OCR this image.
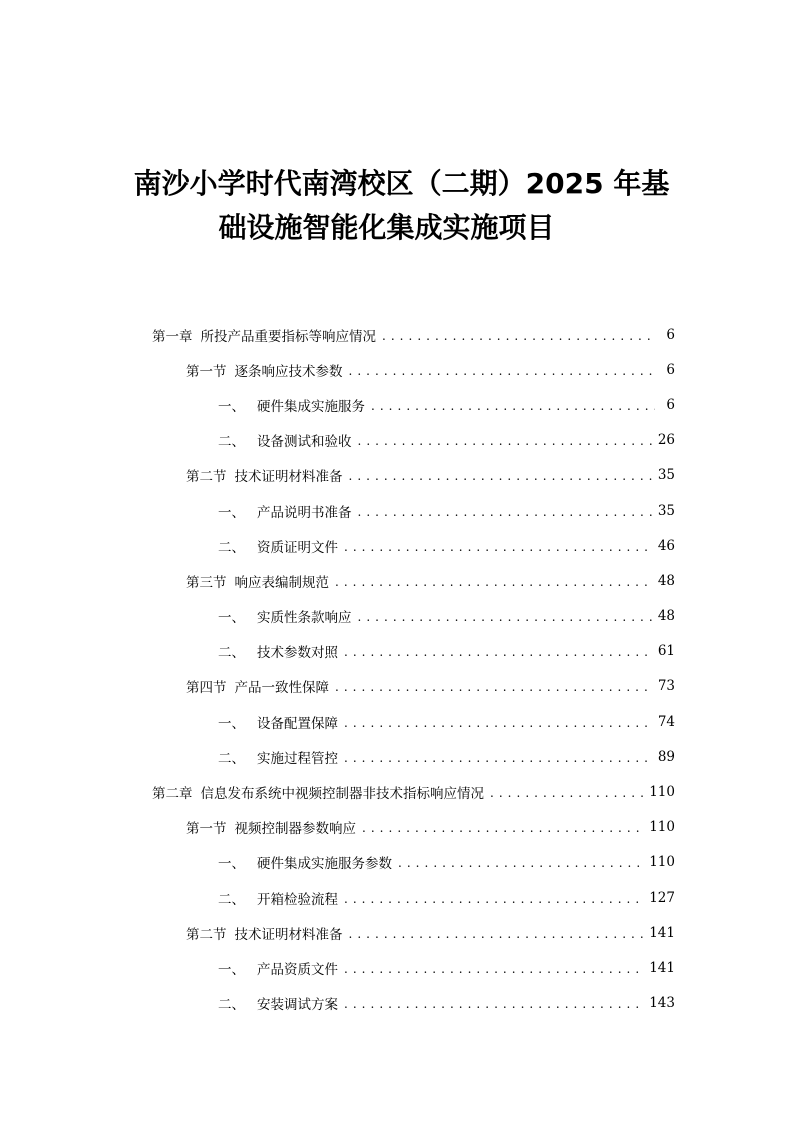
南沙小学时代南湾校区（二期）2025 年基
础设施智能化集成实施项目
第一章 所投产品重要指标等响应情况 . . .	6
第一节 逐条响应技术参数 . . .	6
一、 硬件集成实施服务 . . .	6
二、 设备测试和验收 . . .	26
第二节 技术证明材料准备 . . .	35
一、 产品说明书准备 . . .	35
二、 资质证明文件 . . .	46
第三节 响应表编制规范 . . .	48
一、 实质性条款响应 . . .	48
二、 技术参数对照 . . .	61
第四节 产品一致性保障 . . .	73
一、 设备配置保障 . . .	74
二、 实施过程管控 . . .	89
第二章 信息发布系统中视频控制器非技术指标响应情况 . . .	110
第一节 视频控制器参数响应 . . .	110
一、 硬件集成实施服务参数 . . .	110
二、 开箱检验流程 . . .	127
第二节 技术证明材料准备 . . .	141
一、 产品资质文件 . . .	141
二、 安装调试方案 . . .	143
